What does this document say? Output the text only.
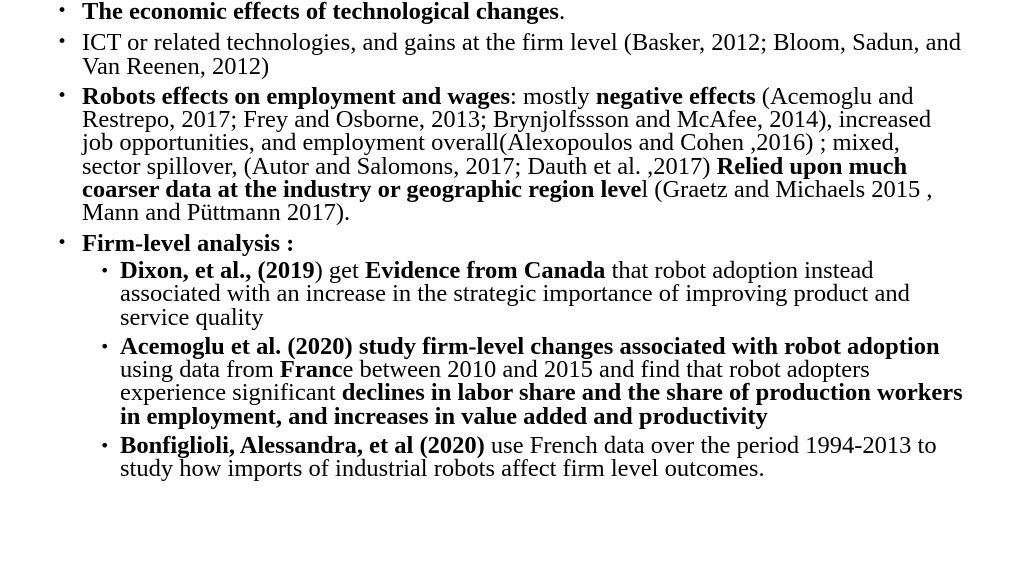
• The economic effects of technological changes.
• ICT or related technologies, and gains at the firm level (Basker, 2012; Bloom, Sadun, and Van Reenen, 2012)
• Robots effects on employment and wages: mostly negative effects (Acemoglu and Restrepo, 2017; Frey and Osborne, 2013; Brynjolfssson and McAfee, 2014), increased job opportunities, and employment overall(Alexopoulos and Cohen ,2016) ; mixed, sector spillover, (Autor and Salomons, 2017; Dauth et al. ,2017) Relied upon much coarser data at the industry or geographic region level (Graetz and Michaels 2015 , Mann and Püttmann 2017).
• Firm-level analysis :
• Dixon, et al., (2019) get Evidence from Canada that robot adoption instead associated with an increase in the strategic importance of improving product and service quality
• Acemoglu et al. (2020) study firm-level changes associated with robot adoption using data from France between 2010 and 2015 and find that robot adopters experience significant declines in labor share and the share of production workers in employment, and increases in value added and productivity
• Bonfiglioli, Alessandra, et al (2020) use French data over the period 1994-2013 to study how imports of industrial robots affect firm level outcomes.
